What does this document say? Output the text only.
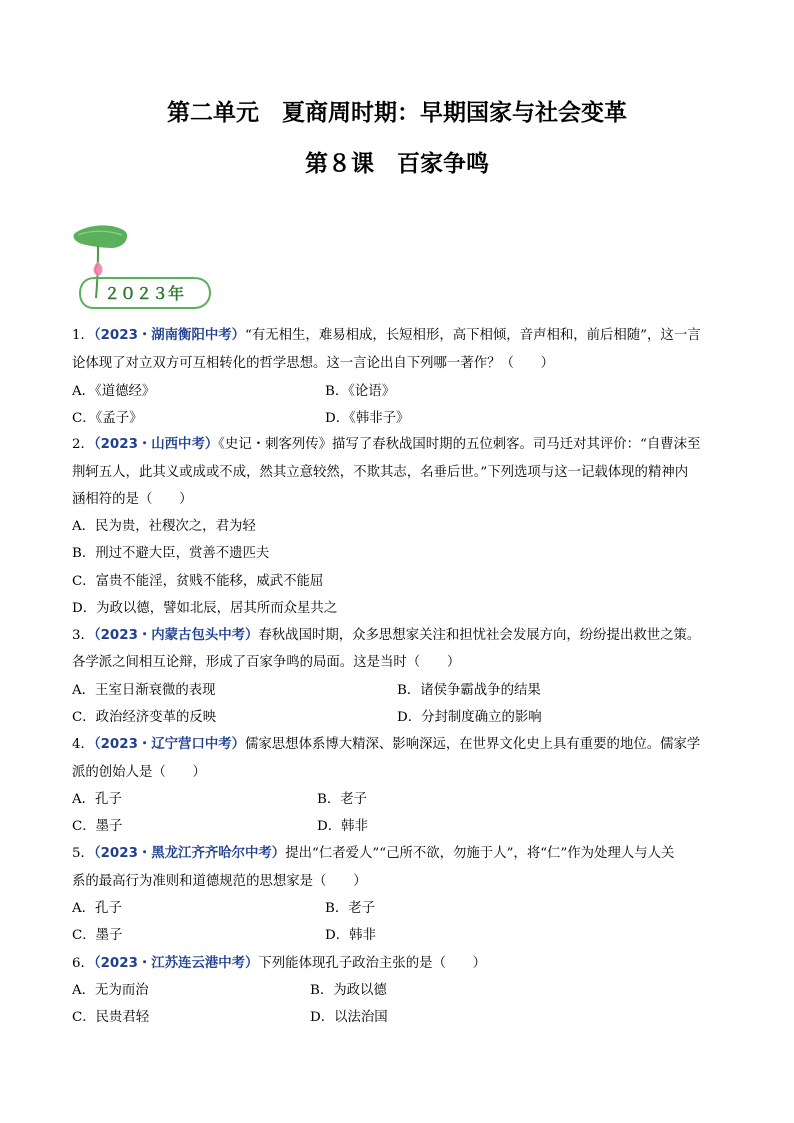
第二单元　夏商周时期：早期国家与社会变革
第８课　百家争鸣
２０２３年
1．（2023・湖南衡阳中考）“有无相生，难易相成，长短相形，高下相倾，音声相和，前后相随”，这一言
论体现了对立双方可互相转化的哲学思想。这一言论出自下列哪一著作？（　　）
A．《道德经》	B．《论语》
C．《孟子》	D．《韩非子》
2．（2023・山西中考）《史记・刺客列传》描写了春秋战国时期的五位刺客。司马迁对其评价：“自曹沫至
荆轲五人，此其义或成或不成，然其立意较然，不欺其志，名垂后世。”下列选项与这一记载体现的精神内
涵相符的是（　　）
A．民为贵，社稷次之，君为轻
B．刑过不避大臣，赏善不遗匹夫
C．富贵不能淫，贫贱不能移，威武不能屈
D．为政以德，譬如北辰，居其所而众星共之
3．（2023・内蒙古包头中考）春秋战国时期，众多思想家关注和担忧社会发展方向，纷纷提出救世之策。
各学派之间相互论辩，形成了百家争鸣的局面。这是当时（　　）
A．王室日渐衰微的表现	B．诸侯争霸战争的结果
C．政治经济变革的反映	D．分封制度确立的影响
4．（2023・辽宁营口中考）儒家思想体系博大精深、影响深远，在世界文化史上具有重要的地位。儒家学
派的创始人是（　　）
A．孔子	B．老子
C．墨子	D．韩非
5．（2023・黑龙江齐齐哈尔中考）提出“仁者爱人”“己所不欲，勿施于人”，将“仁”作为处理人与人关
系的最高行为准则和道德规范的思想家是（　　）
A．孔子	B．老子
C．墨子	D．韩非
6．（2023・江苏连云港中考）下列能体现孔子政治主张的是（　　）
A．无为而治	B．为政以德
C．民贵君轻	D．以法治国
